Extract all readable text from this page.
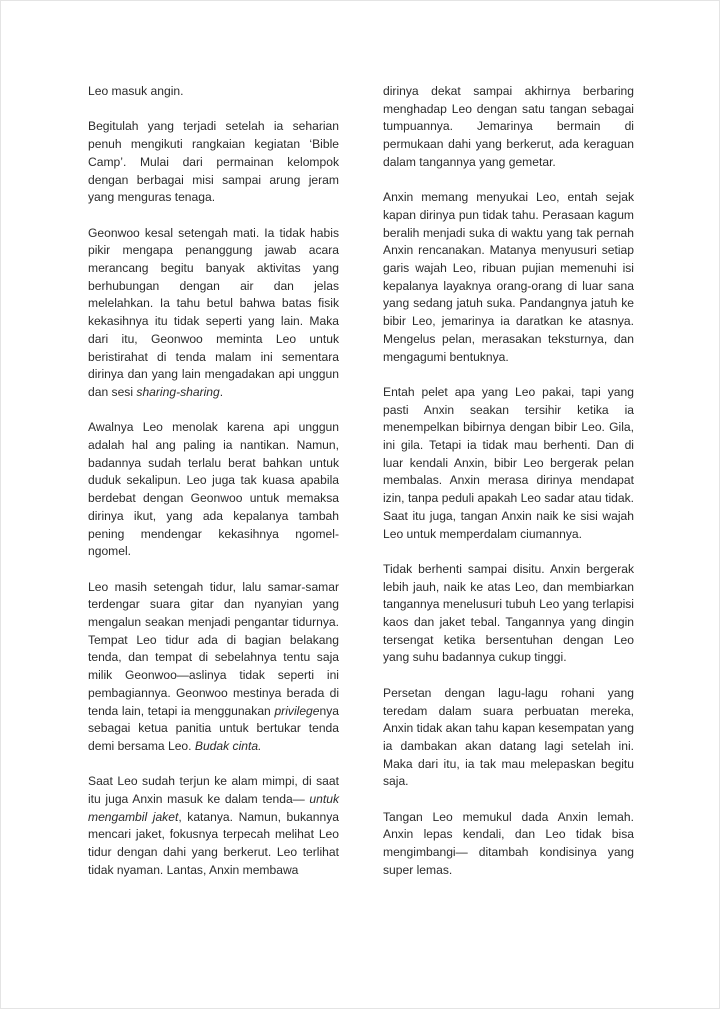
Leo masuk angin.

Begitulah yang terjadi setelah ia seharian penuh mengikuti rangkaian kegiatan ‘Bible Camp’. Mulai dari permainan kelompok dengan berbagai misi sampai arung jeram yang menguras tenaga.

Geonwoo kesal setengah mati. Ia tidak habis pikir mengapa penanggung jawab acara merancang begitu banyak aktivitas yang berhubungan dengan air dan jelas melelahkan. Ia tahu betul bahwa batas fisik kekasihnya itu tidak seperti yang lain. Maka dari itu, Geonwoo meminta Leo untuk beristirahat di tenda malam ini sementara dirinya dan yang lain mengadakan api unggun dan sesi sharing-sharing.

Awalnya Leo menolak karena api unggun adalah hal ang paling ia nantikan. Namun, badannya sudah terlalu berat bahkan untuk duduk sekalipun. Leo juga tak kuasa apabila berdebat dengan Geonwoo untuk memaksa dirinya ikut, yang ada kepalanya tambah pening mendengar kekasihnya ngomel-ngomel.

Leo masih setengah tidur, lalu samar-samar terdengar suara gitar dan nyanyian yang mengalun seakan menjadi pengantar tidurnya. Tempat Leo tidur ada di bagian belakang tenda, dan tempat di sebelahnya tentu saja milik Geonwoo—aslinya tidak seperti ini pembagiannya. Geonwoo mestinya berada di tenda lain, tetapi ia menggunakan privilegenya sebagai ketua panitia untuk bertukar tenda demi bersama Leo. Budak cinta.

Saat Leo sudah terjun ke alam mimpi, di saat itu juga Anxin masuk ke dalam tenda— untuk mengambil jaket, katanya. Namun, bukannya mencari jaket, fokusnya terpecah melihat Leo tidur dengan dahi yang berkerut. Leo terlihat tidak nyaman. Lantas, Anxin membawa

dirinya dekat sampai akhirnya berbaring menghadap Leo dengan satu tangan sebagai tumpuannya. Jemarinya bermain di permukaan dahi yang berkerut, ada keraguan dalam tangannya yang gemetar.

Anxin memang menyukai Leo, entah sejak kapan dirinya pun tidak tahu. Perasaan kagum beralih menjadi suka di waktu yang tak pernah Anxin rencanakan. Matanya menyusuri setiap garis wajah Leo, ribuan pujian memenuhi isi kepalanya layaknya orang-orang di luar sana yang sedang jatuh suka. Pandangnya jatuh ke bibir Leo, jemarinya ia daratkan ke atasnya. Mengelus pelan, merasakan teksturnya, dan mengagumi bentuknya.

Entah pelet apa yang Leo pakai, tapi yang pasti Anxin seakan tersihir ketika ia menempelkan bibirnya dengan bibir Leo. Gila, ini gila. Tetapi ia tidak mau berhenti. Dan di luar kendali Anxin, bibir Leo bergerak pelan membalas. Anxin merasa dirinya mendapat izin, tanpa peduli apakah Leo sadar atau tidak. Saat itu juga, tangan Anxin naik ke sisi wajah Leo untuk memperdalam ciumannya.

Tidak berhenti sampai disitu. Anxin bergerak lebih jauh, naik ke atas Leo, dan membiarkan tangannya menelusuri tubuh Leo yang terlapisi kaos dan jaket tebal. Tangannya yang dingin tersengat ketika bersentuhan dengan Leo yang suhu badannya cukup tinggi.

Persetan dengan lagu-lagu rohani yang teredam dalam suara perbuatan mereka, Anxin tidak akan tahu kapan kesempatan yang ia dambakan akan datang lagi setelah ini. Maka dari itu, ia tak mau melepaskan begitu saja.

Tangan Leo memukul dada Anxin lemah. Anxin lepas kendali, dan Leo tidak bisa mengimbangi— ditambah kondisinya yang super lemas.
